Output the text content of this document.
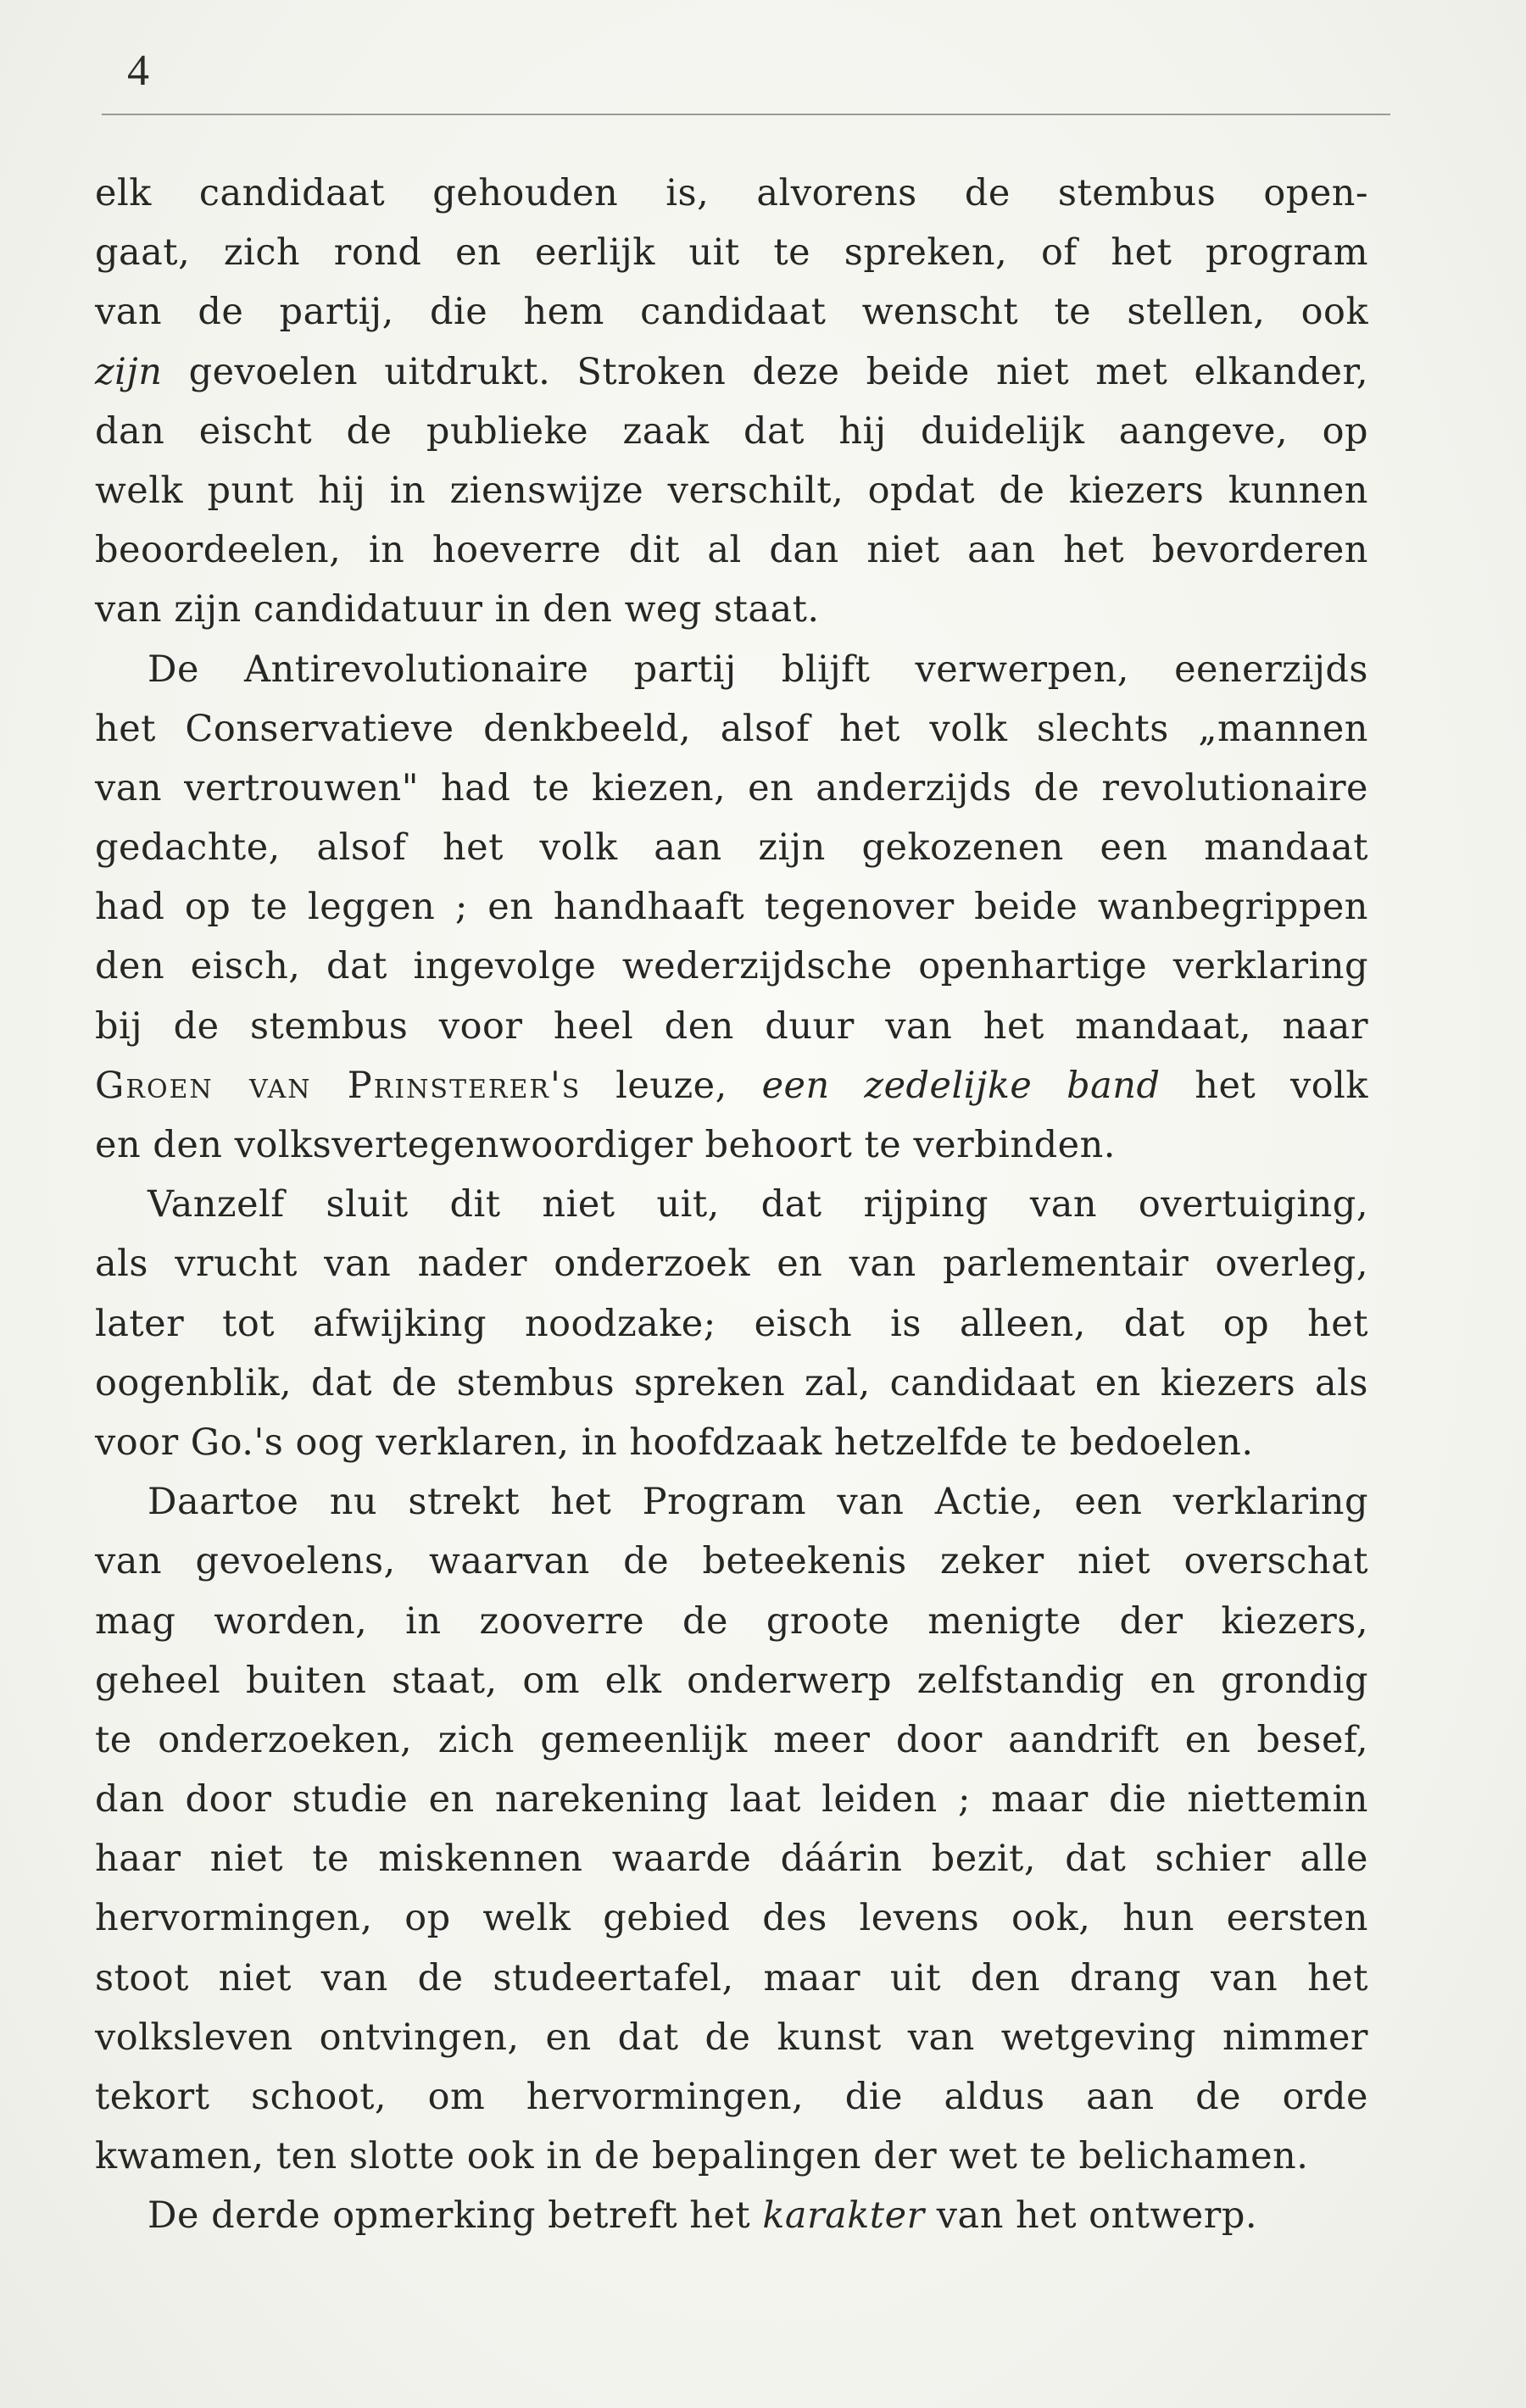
4
elk candidaat gehouden is, alvorens de stembus open-
gaat, zich rond en eerlijk uit te spreken, of het program
van de partij, die hem candidaat wenscht te stellen, ook
zijn gevoelen uitdrukt. Stroken deze beide niet met elkander,
dan eischt de publieke zaak dat hij duidelijk aangeve, op
welk punt hij in zienswijze verschilt, opdat de kiezers kunnen
beoordeelen, in hoeverre dit al dan niet aan het bevorderen
van zijn candidatuur in den weg staat.
De Antirevolutionaire partij blijft verwerpen, eenerzijds
het Conservatieve denkbeeld, alsof het volk slechts „mannen
van vertrouwen" had te kiezen, en anderzijds de revolutionaire
gedachte, alsof het volk aan zijn gekozenen een mandaat
had op te leggen ; en handhaaft tegenover beide wanbegrippen
den eisch, dat ingevolge wederzijdsche openhartige verklaring
bij de stembus voor heel den duur van het mandaat, naar
Groen van Prinsterer's leuze, een zedelijke band het volk
en den volksvertegenwoordiger behoort te verbinden.
Vanzelf sluit dit niet uit, dat rijping van overtuiging,
als vrucht van nader onderzoek en van parlementair overleg,
later tot afwijking noodzake; eisch is alleen, dat op het
oogenblik, dat de stembus spreken zal, candidaat en kiezers als
voor Go.'s oog verklaren, in hoofdzaak hetzelfde te bedoelen.
Daartoe nu strekt het Program van Actie, een verklaring
van gevoelens, waarvan de beteekenis zeker niet overschat
mag worden, in zooverre de groote menigte der kiezers,
geheel buiten staat, om elk onderwerp zelfstandig en grondig
te onderzoeken, zich gemeenlijk meer door aandrift en besef,
dan door studie en narekening laat leiden ; maar die niettemin
haar niet te miskennen waarde dáárin bezit, dat schier alle
hervormingen, op welk gebied des levens ook, hun eersten
stoot niet van de studeertafel, maar uit den drang van het
volksleven ontvingen, en dat de kunst van wetgeving nimmer
tekort schoot, om hervormingen, die aldus aan de orde
kwamen, ten slotte ook in de bepalingen der wet te belichamen.
De derde opmerking betreft het karakter van het ontwerp.
